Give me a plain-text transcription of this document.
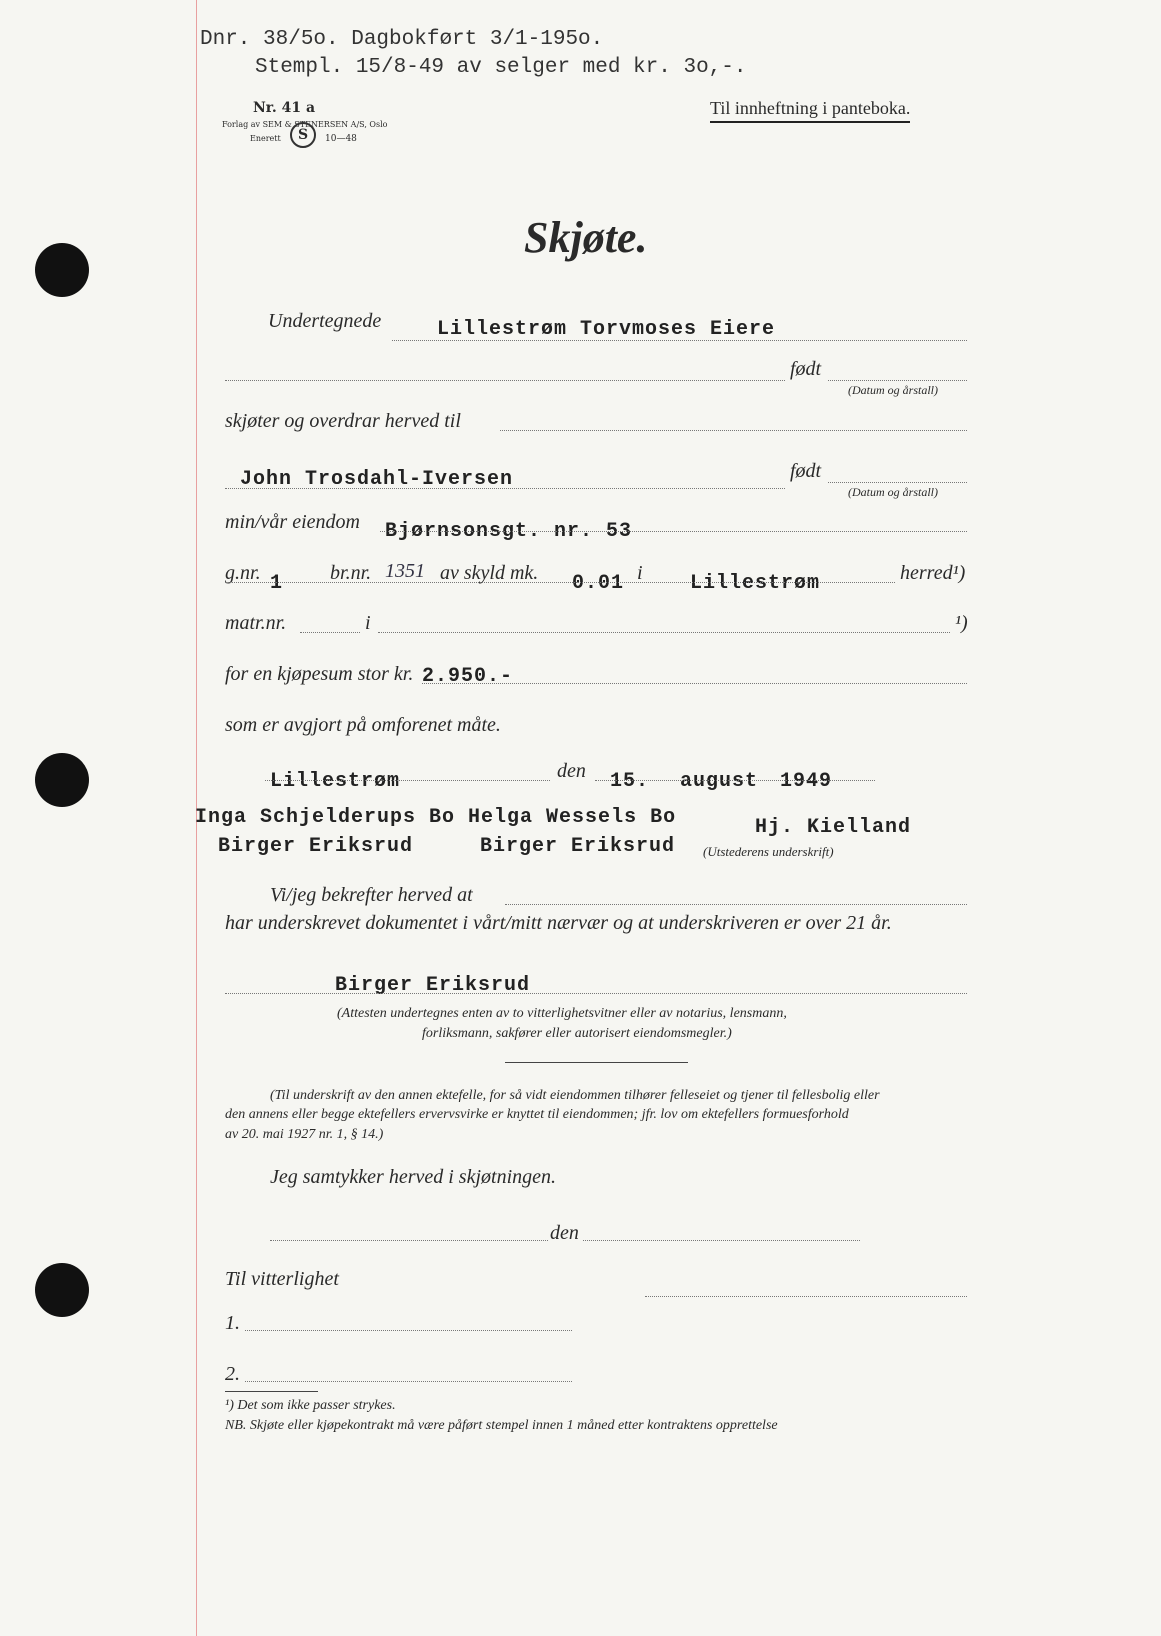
Dnr. 38/5o. Dagbokført 3/1-195o.
Stempl. 15/8-49 av selger med kr. 3o,-.
Nr. 41 a
Forlag av SEM & STENERSEN A/S, Oslo
Enerett	S	10—48
Til innheftning i panteboka.
Skjøte.
Undertegnede	Lillestrøm Torvmoses Eiere
født
(Datum og årstall)
skjøter og overdrar herved til
John Trosdahl-Iversen	født
(Datum og årstall)
min/vår eiendom Bjørnsonsgt. nr. 53
g.nr. 1 br.nr. 1351 av skyld mk. 0.01 i Lillestrøm	herred¹)
matr.nr.	i	¹)
for en kjøpesum stor kr. 2.950.-
som er avgjort på omforenet måte.
Lillestrøm	den 15. august 1949
Inga Schjelderups Bo Helga Wessels Bo
Birger Eriksrud	Birger Eriksrud
Hj. Kielland
(Utstederens underskrift)
Vi/jeg bekrefter herved at
har underskrevet dokumentet i vårt/mitt nærvær og at underskriveren er over 21 år.
Birger Eriksrud
(Attesten undertegnes enten av to vitterlighetsvitner eller av notarius, lensmann,
forliksmann, sakfører eller autorisert eiendomsmegler.)
(Til underskrift av den annen ektefelle, for så vidt eiendommen tilhører felleseiet og tjener til fellesbolig eller
den annens eller begge ektefellers ervervsvirke er knyttet til eiendommen; jfr. lov om ektefellers formuesforhold
av 20. mai 1927 nr. 1, § 14.)
Jeg samtykker herved i skjøtningen.
den
Til vitterlighet
1.
2.
¹) Det som ikke passer strykes.
NB. Skjøte eller kjøpekontrakt må være påført stempel innen 1 måned etter kontraktens opprettelse
